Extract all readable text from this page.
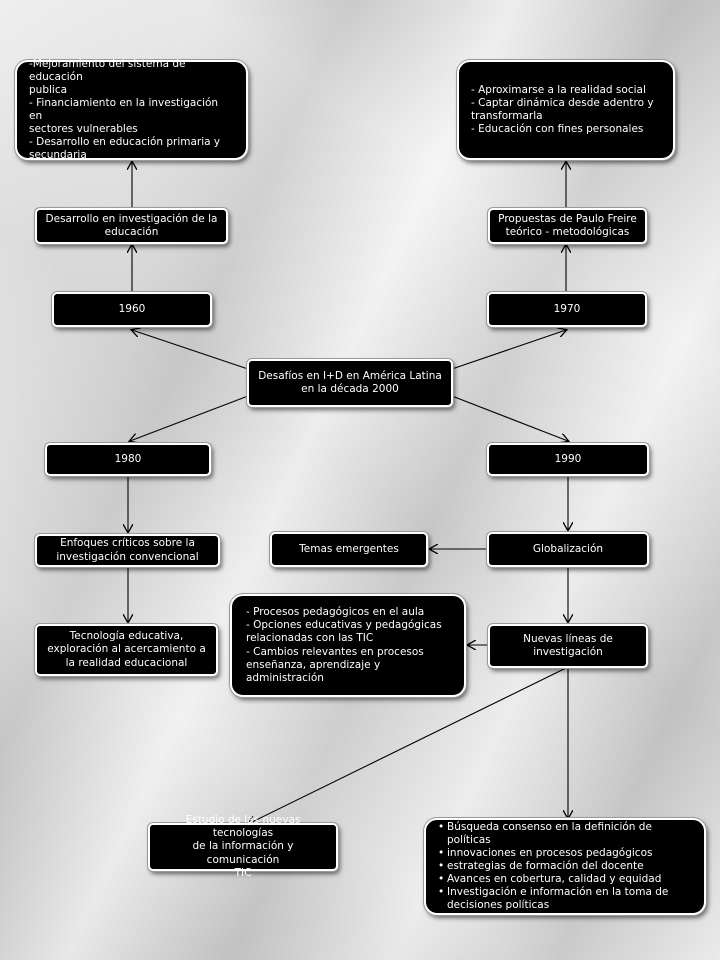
Desafíos en I+D en América Latina
en la década 2000
1960	1970
1980	1990
Desarrollo en investigación de la
educación
-Mejoramiento del sistema de educación
publica
- Financiamiento en la investigación en
sectores vulnerables
- Desarrollo en educación primaria y
secundaria
Propuestas de Paulo Freire
teórico - metodológicas
- Aproximarse a la realidad social
- Captar dinámica desde adentro y
transformarla
- Educación con fines personales
Enfoques críticos sobre la
investigación convencional
Tecnología educativa,
exploración al acercamiento a
la realidad educacional
Globalización
Temas emergentes
Nuevas líneas de
investigación
- Procesos pedagógicos en el aula
- Opciones educativas y pedagógicas
relacionadas con las TIC
- Cambios relevantes en procesos
enseñanza, aprendizaje y administración
Estudio de las nuevas tecnologías
de la información y comunicación
TIC
• Búsqueda consenso en la definición de políticas
• innovaciones en procesos pedagógicos
• estrategias de formación del docente
• Avances en cobertura, calidad y equidad
• Investigación e información en la toma de decisiones políticas
